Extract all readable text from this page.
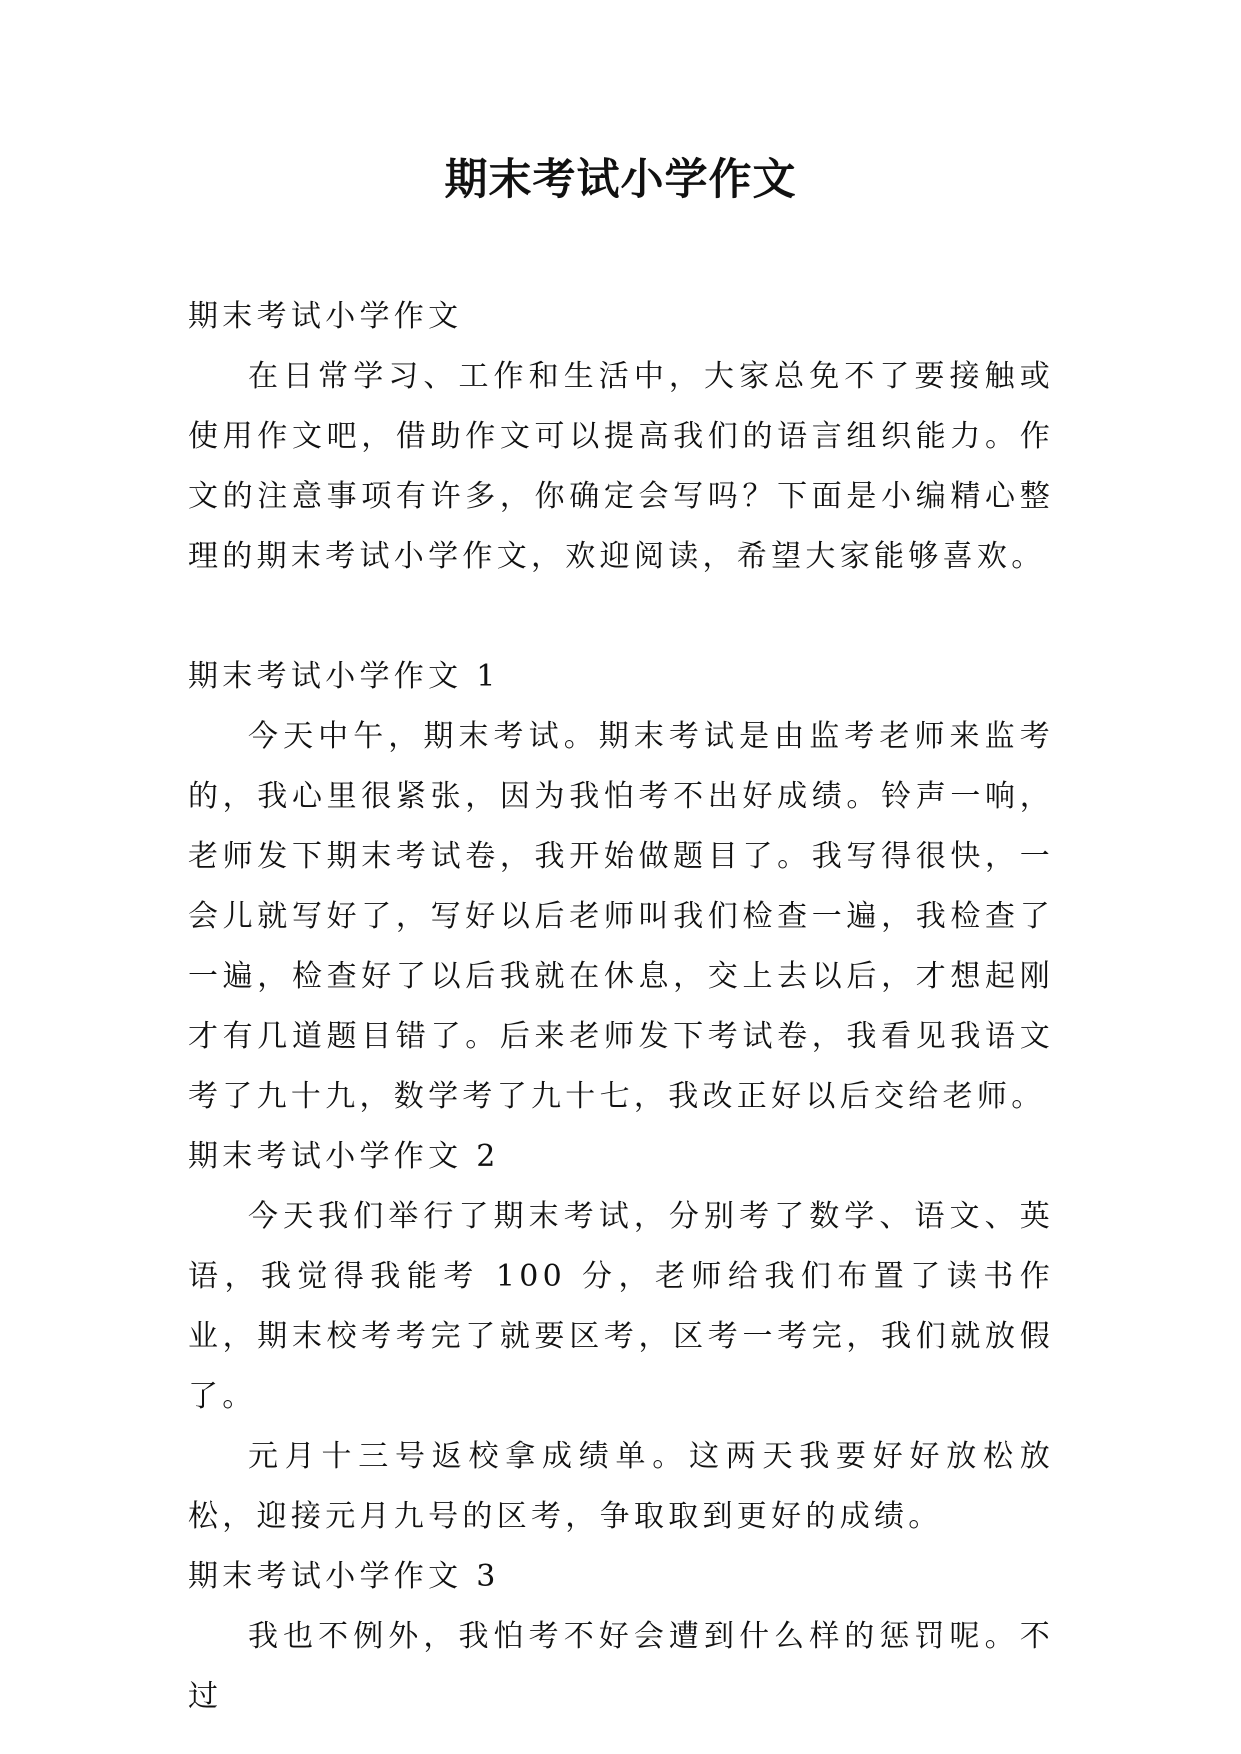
期末考试小学作文

期末考试小学作文

在日常学习、工作和生活中，大家总免不了要接触或使用作文吧，借助作文可以提高我们的语言组织能力。作文的注意事项有许多，你确定会写吗？下面是小编精心整理的期末考试小学作文，欢迎阅读，希望大家能够喜欢。

期末考试小学作文 1

今天中午，期末考试。期末考试是由监考老师来监考的，我心里很紧张，因为我怕考不出好成绩。铃声一响，老师发下期末考试卷，我开始做题目了。我写得很快，一会儿就写好了，写好以后老师叫我们检查一遍，我检查了一遍，检查好了以后我就在休息，交上去以后，才想起刚才有几道题目错了。后来老师发下考试卷，我看见我语文考了九十九，数学考了九十七，我改正好以后交给老师。

期末考试小学作文 2

今天我们举行了期末考试，分别考了数学、语文、英语，我觉得我能考 100 分，老师给我们布置了读书作业，期末校考考完了就要区考，区考一考完，我们就放假了。

元月十三号返校拿成绩单。这两天我要好好放松放松，迎接元月九号的区考，争取取到更好的成绩。

期末考试小学作文 3

我也不例外，我怕考不好会遭到什么样的惩罚呢。不过
